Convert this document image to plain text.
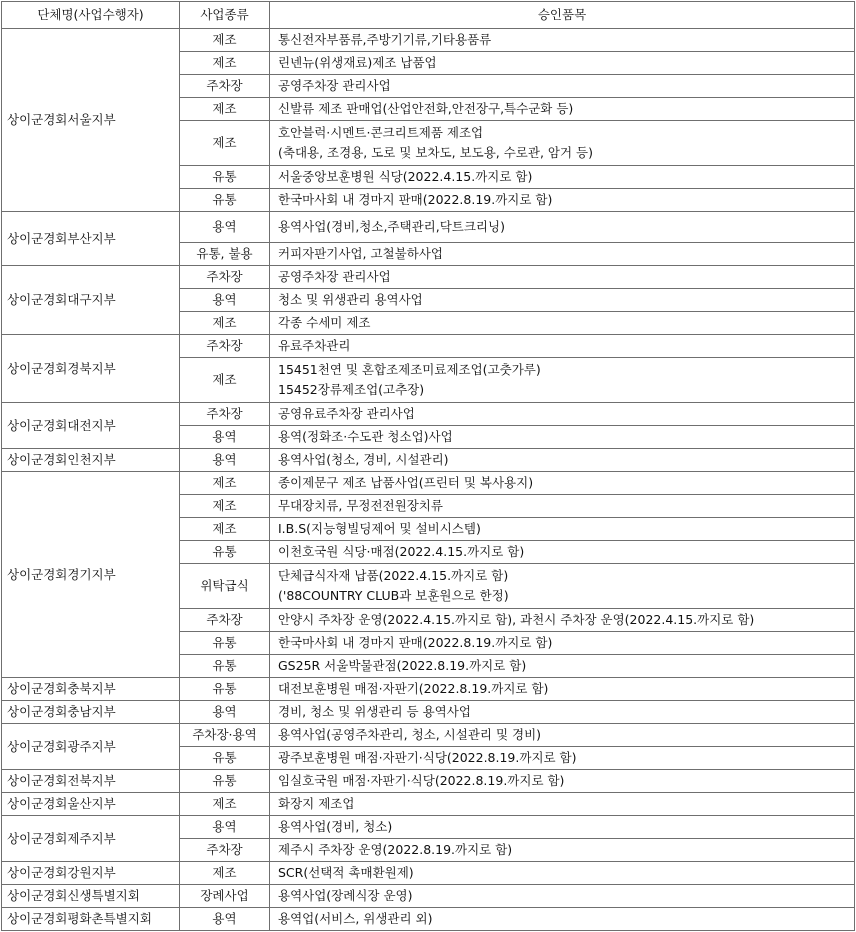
단체명(사업수행자)	사업종류	승인품목
상이군경회서울지부	제조	통신전자부품류,주방기기류,기타용품류

	제조	린넨뉴(위생재료)제조 납품업

	주차장	공영주차장 관리사업

	제조	신발류 제조 판매업(산업안전화,안전장구,특수군화 등)

	제조	호안블럭·시멘트·콘크리트제품 제조업
(축대용, 조경용, 도로 및 보차도, 보도용, 수로관, 암거 등)

	유통	서울중앙보훈병원 식당(2022.4.15.까지로 함)

	유통	한국마사회 내 경마지 판매(2022.8.19.까지로 함)

상이군경회부산지부	용역	용역사업(경비,청소,주택관리,닥트크리닝)

	유통, 불용	커피자판기사업, 고철불하사업

상이군경회대구지부	주차장	공영주차장 관리사업

	용역	청소 및 위생관리 용역사업

	제조	각종 수세미 제조

상이군경회경북지부	주차장	유료주차관리

	제조	15451천연 및 혼합조제조미료제조업(고춧가루)
15452장류제조업(고추장)

상이군경회대전지부	주차장	공영유료주차장 관리사업

	용역	용역(정화조·수도관 청소업)사업

상이군경회인천지부	용역	용역사업(청소, 경비, 시설관리)

상이군경회경기지부	제조	종이제문구 제조 납품사업(프린터 및 복사용지)

	제조	무대장치류, 무정전전원장치류

	제조	I.B.S(지능형빌딩제어 및 설비시스템)

	유통	이천호국원 식당·매점(2022.4.15.까지로 함)

	위탁급식	단체급식자재 납품(2022.4.15.까지로 함)
('88COUNTRY CLUB과 보훈원으로 한정)

	주차장	안양시 주차장 운영(2022.4.15.까지로 함), 과천시 주차장 운영(2022.4.15.까지로 함)

	유통	한국마사회 내 경마지 판매(2022.8.19.까지로 함)

	유통	GS25R 서울박물관점(2022.8.19.까지로 함)

상이군경회충북지부	유통	대전보훈병원 매점·자판기(2022.8.19.까지로 함)

상이군경회충남지부	용역	경비, 청소 및 위생관리 등 용역사업

상이군경회광주지부	주차장·용역	용역사업(공영주차관리, 청소, 시설관리 및 경비)

	유통	광주보훈병원 매점·자판기·식당(2022.8.19.까지로 함)

상이군경회전북지부	유통	임실호국원 매점·자판기·식당(2022.8.19.까지로 함)

상이군경회울산지부	제조	화장지 제조업

상이군경회제주지부	용역	용역사업(경비, 청소)

	주차장	제주시 주차장 운영(2022.8.19.까지로 함)

상이군경회강원지부	제조	SCR(선택적 촉매환원제)

상이군경회신생특별지회	장례사업	용역사업(장례식장 운영)

상이군경회평화촌특별지회	용역	용역업(서비스, 위생관리 외)
